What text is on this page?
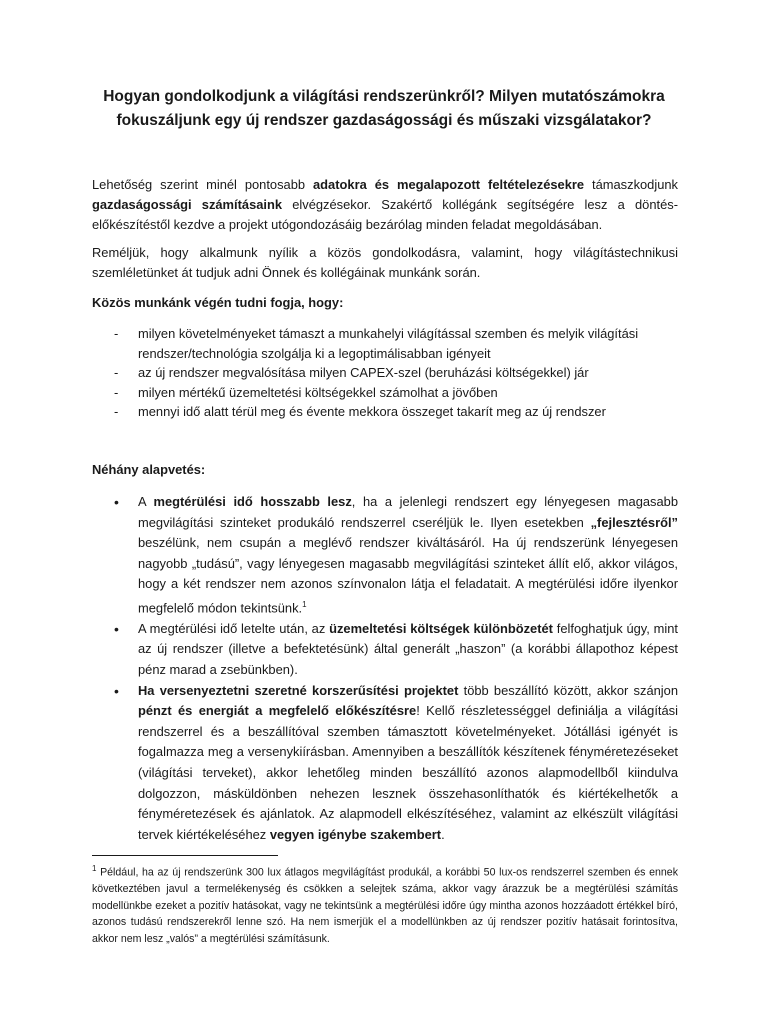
Hogyan gondolkodjunk a világítási rendszerünkről? Milyen mutatószámokra
fokuszáljunk egy új rendszer gazdaságossági és műszaki vizsgálatakor?

Lehetőség szerint minél pontosabb adatokra és megalapozott feltételezésekre támaszkodjunk gazdaságossági számításaink elvégzésekor. Szakértő kollégánk segítségére lesz a döntés-előkészítéstől kezdve a projekt utógondozásáig bezárólag minden feladat megoldásában.

Reméljük, hogy alkalmunk nyílik a közös gondolkodásra, valamint, hogy világítástechnikusi szemléletünket át tudjuk adni Önnek és kollégáinak munkánk során.

Közös munkánk végén tudni fogja, hogy:

- milyen követelményeket támaszt a munkahelyi világítással szemben és melyik világítási rendszer/technológia szolgálja ki a legoptimálisabban igényeit
- az új rendszer megvalósítása milyen CAPEX-szel (beruházási költségekkel) jár
- milyen mértékű üzemeltetési költségekkel számolhat a jövőben
- mennyi idő alatt térül meg és évente mekkora összeget takarít meg az új rendszer

Néhány alapvetés:

• A megtérülési idő hosszabb lesz, ha a jelenlegi rendszert egy lényegesen magasabb megvilágítási szinteket produkáló rendszerrel cseréljük le. Ilyen esetekben „fejlesztésről” beszélünk, nem csupán a meglévő rendszer kiváltásáról. Ha új rendszerünk lényegesen nagyobb „tudású”, vagy lényegesen magasabb megvilágítási szinteket állít elő, akkor világos, hogy a két rendszer nem azonos színvonalon látja el feladatait. A megtérülési időre ilyenkor megfelelő módon tekintsünk.$^1$
• A megtérülési idő letelte után, az üzemeltetési költségek különbözetét felfoghatjuk úgy, mint az új rendszer (illetve a befektetésünk) által generált „haszon” (a korábbi állapothoz képest pénz marad a zsebünkben).
• Ha versenyeztetni szeretné korszerűsítési projektet több beszállító között, akkor szánjon pénzt és energiát a megfelelő előkészítésre! Kellő részletességgel definiálja a világítási rendszerrel és a beszállítóval szemben támasztott követelményeket. Jótállási igényét is fogalmazza meg a versenykiírásban. Amennyiben a beszállítók készítenek fényméretezéseket (világítási terveket), akkor lehetőleg minden beszállító azonos alapmodellből kiindulva dolgozzon, másküldönben nehezen lesznek összehasonlíthatók és kiértékelhetők a fényméretezések és ajánlatok. Az alapmodell elkészítéséhez, valamint az elkészült világítási tervek kiértékeléséhez vegyen igénybe szakembert.

$^1$ Például, ha az új rendszerünk 300 lux átlagos megvilágítást produkál, a korábbi 50 lux-os rendszerrel szemben és ennek következtében javul a termelékenység és csökken a selejtek száma, akkor vagy árazzuk be a megtérülési számítás modellünkbe ezeket a pozitív hatásokat, vagy ne tekintsünk a megtérülési időre úgy mintha azonos hozzáadott értékkel bíró, azonos tudású rendszerekről lenne szó. Ha nem ismerjük el a modellünkben az új rendszer pozitív hatásait forintosítva, akkor nem lesz „valós” a megtérülési számításunk.
